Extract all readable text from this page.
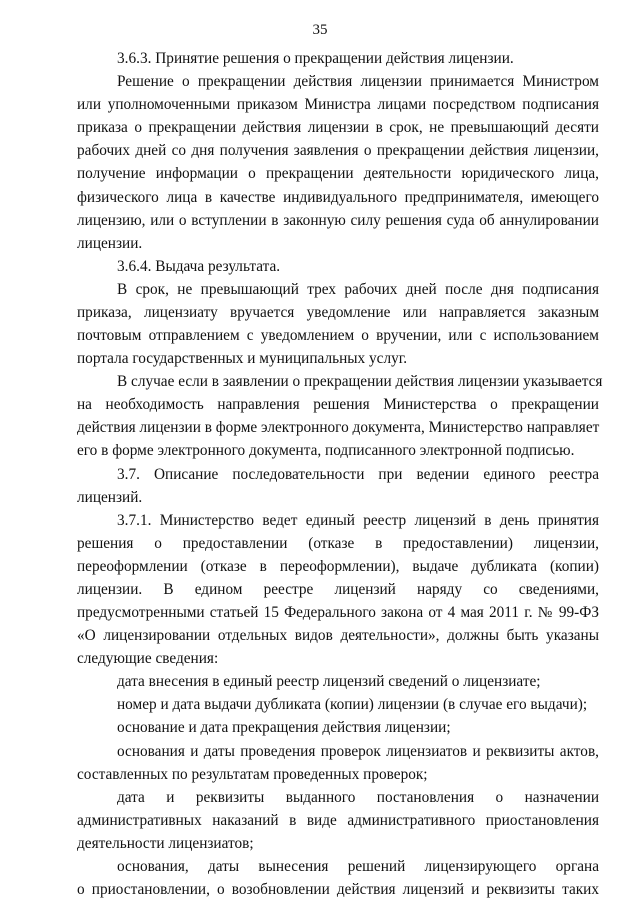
35
3.6.3. Принятие решения о прекращении действия лицензии.
Решение о прекращении действия лицензии принимается Министром
или уполномоченными приказом Министра лицами посредством подписания
приказа о прекращении действия лицензии в срок, не превышающий десяти
рабочих дней со дня получения заявления о прекращении действия лицензии,
получение информации о прекращении деятельности юридического лица,
физического лица в качестве индивидуального предпринимателя, имеющего
лицензию, или о вступлении в законную силу решения суда об аннулировании
лицензии.
3.6.4. Выдача результата.
В срок, не превышающий трех рабочих дней после дня подписания
приказа, лицензиату вручается уведомление или направляется заказным
почтовым отправлением с уведомлением о вручении, или с использованием
портала государственных и муниципальных услуг.
В случае если в заявлении о прекращении действия лицензии указывается
на необходимость направления решения Министерства о прекращении
действия лицензии в форме электронного документа, Министерство направляет
его в форме электронного документа, подписанного электронной подписью.
3.7. Описание последовательности при ведении единого реестра
лицензий.
3.7.1. Министерство ведет единый реестр лицензий в день принятия
решения о предоставлении (отказе в предоставлении) лицензии,
переоформлении (отказе в переоформлении), выдаче дубликата (копии)
лицензии. В едином реестре лицензий наряду со сведениями,
предусмотренными статьей 15 Федерального закона от 4 мая 2011 г. № 99-ФЗ
«О лицензировании отдельных видов деятельности», должны быть указаны
следующие сведения:
дата внесения в единый реестр лицензий сведений о лицензиате;
номер и дата выдачи дубликата (копии) лицензии (в случае его выдачи);
основание и дата прекращения действия лицензии;
основания и даты проведения проверок лицензиатов и реквизиты актов,
составленных по результатам проведенных проверок;
дата и реквизиты выданного постановления о назначении
административных наказаний в виде административного приостановления
деятельности лицензиатов;
основания, даты вынесения решений лицензирующего органа
о приостановлении, о возобновлении действия лицензий и реквизиты таких
